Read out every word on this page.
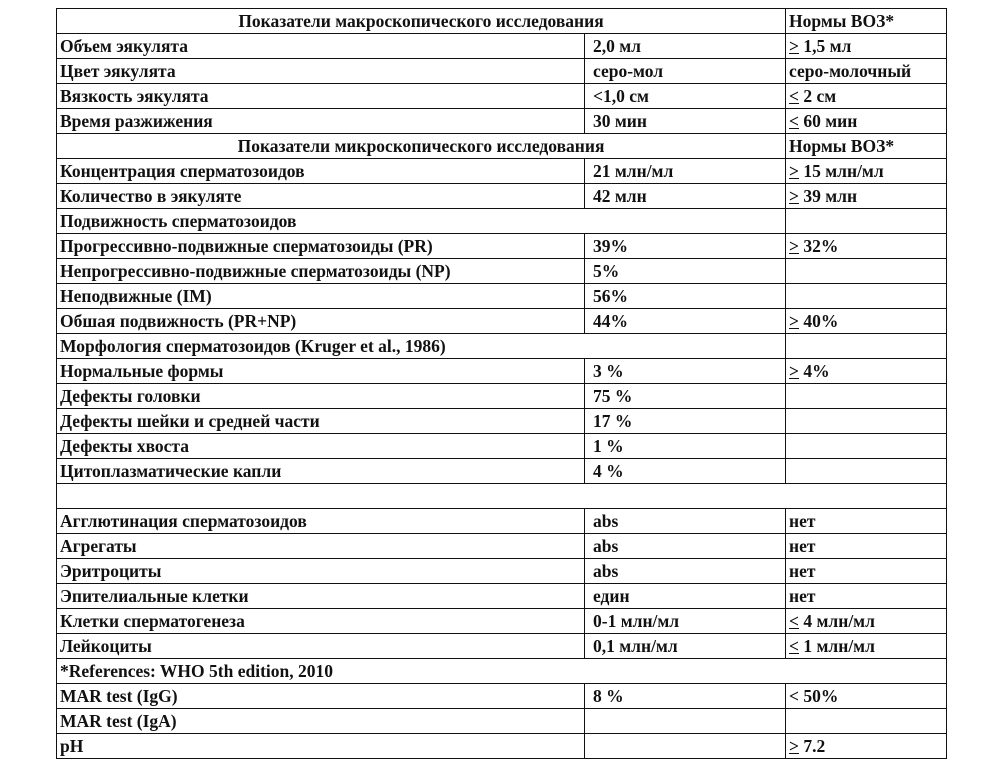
Показатели макроскопического исследования		Нормы ВОЗ*
Объем эякулята	2,0 мл	> 1,5 мл
Цвет эякулята	серо-мол	серо-молочный
Вязкость эякулята	<1,0 см	< 2 см
Время разжижения	30 мин	< 60 мин
Показатели микроскопического исследования		Нормы ВОЗ*
Концентрация сперматозоидов	21 млн/мл	> 15 млн/мл
Количество в эякуляте	42 млн	> 39 млн
Подвижность сперматозоидов		
Прогрессивно-подвижные сперматозоиды (PR)	39%	> 32%
Непрогрессивно-подвижные сперматозоиды (NP)	5%	
Неподвижные (IM)	56%	
Обшая подвижность (PR+NP)	44%	> 40%
Морфология сперматозоидов (Kruger et al., 1986)		
Нормальные формы	3 %	> 4%
Дефекты головки	75 %	
Дефекты шейки и средней части	17 %	
Дефекты хвоста	1 %	
Цитоплазматические капли	4 %	

Агглютинация сперматозоидов	abs	нет
Агрегаты	abs	нет
Эритроциты	abs	нет
Эпителиальные клетки	един	нет
Клетки сперматогенеза	0-1 млн/мл	< 4 млн/мл
Лейкоциты	0,1 млн/мл	< 1 млн/мл
*References: WHO 5th edition, 2010		
MAR test (IgG)	8 %	< 50%
MAR test (IgA)		
pH		> 7.2
